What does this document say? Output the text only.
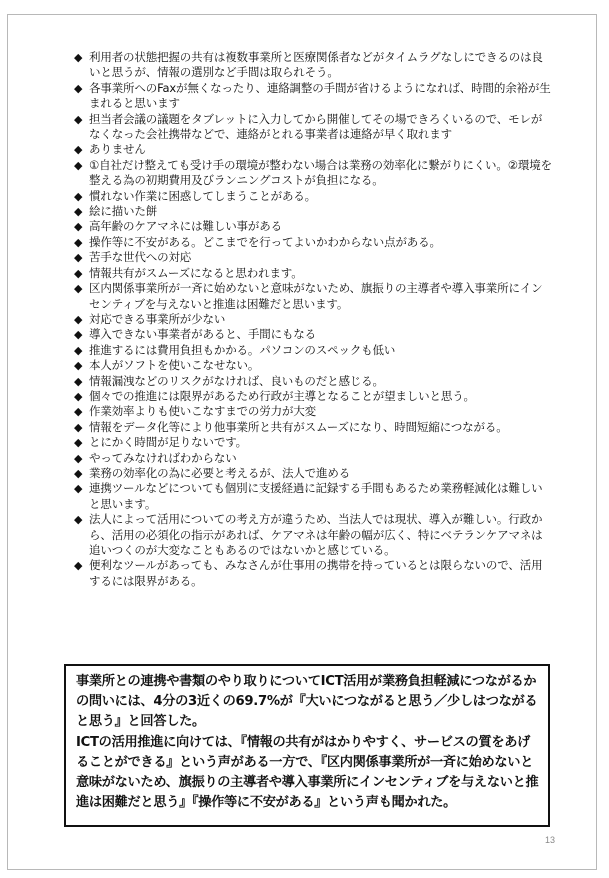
◆ 利用者の状態把握の共有は複数事業所と医療関係者などがタイムラグなしにできるのは良いと思うが、情報の選別など手間は取られそう。
◆ 各事業所へのFaxが無くなったり、連絡調整の手間が省けるようになれば、時間的余裕が生まれると思います
◆ 担当者会議の議題をタブレットに入力してから開催してその場できろくいるので、モレがなくなった会社携帯などで、連絡がとれる事業者は連絡が早く取れます
◆ ありません
◆ ①自社だけ整えても受け手の環境が整わない場合は業務の効率化に繋がりにくい。②環境を整える為の初期費用及びランニングコストが負担になる。
◆ 慣れない作業に困惑してしまうことがある。
◆ 絵に描いた餅
◆ 高年齢のケアマネには難しい事がある
◆ 操作等に不安がある。どこまでを行ってよいかわからない点がある。
◆ 苦手な世代への対応
◆ 情報共有がスムーズになると思われます。
◆ 区内関係事業所が一斉に始めないと意味がないため、旗振りの主導者や導入事業所にインセンティブを与えないと推進は困難だと思います。
◆ 対応できる事業所が少ない
◆ 導入できない事業者があると、手間にもなる
◆ 推進するには費用負担もかかる。パソコンのスペックも低い
◆ 本人がソフトを使いこなせない。
◆ 情報漏洩などのリスクがなければ、良いものだと感じる。
◆ 個々での推進には限界があるため行政が主導となることが望ましいと思う。
◆ 作業効率よりも使いこなすまでの労力が大変
◆ 情報をデータ化等により他事業所と共有がスムーズになり、時間短縮につながる。
◆ とにかく時間が足りないです。
◆ やってみなければわからない
◆ 業務の効率化の為に必要と考えるが、法人で進める
◆ 連携ツールなどについても個別に支援経過に記録する手間もあるため業務軽減化は難しいと思います。
◆ 法人によって活用についての考え方が違うため、当法人では現状、導入が難しい。行政から、活用の必須化の指示があれば、ケアマネは年齢の幅が広く、特にベテランケアマネは追いつくのが大変なこともあるのではないかと感じている。
◆ 便利なツールがあっても、みなさんが仕事用の携帯を持っているとは限らないので、活用するには限界がある。

事業所との連携や書類のやり取りについてICT活用が業務負担軽減につながるかの問いには、4分の3近くの69.7%が『大いにつながると思う／少しはつながると思う』と回答した。

ICTの活用推進に向けては、『情報の共有がはかりやすく、サービスの質をあげることができる』という声がある一方で、『区内関係事業所が一斉に始めないと意味がないため、旗振りの主導者や導入事業所にインセンティブを与えないと推進は困難だと思う』『操作等に不安がある』という声も聞かれた。

13
